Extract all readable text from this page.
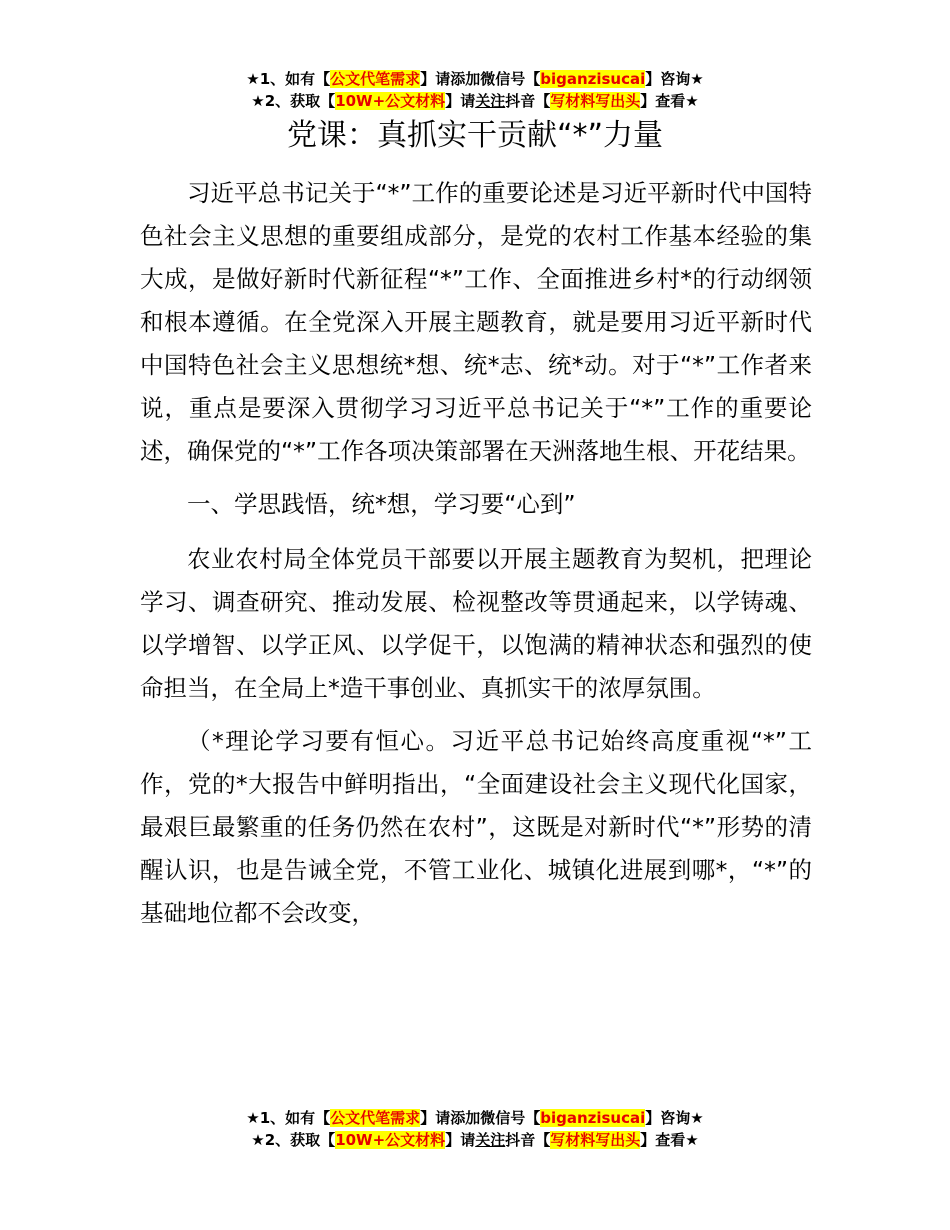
★1、如有【公文代笔需求】请添加微信号【biganzisucai】咨询★
★2、获取【10W+公文材料】请关注抖音【写材料写出头】查看★
党课：真抓实干贡献“*”力量

习近平总书记关于“*”工作的重要论述是习近平新时代中国特色社会主义思想的重要组成部分，是党的农村工作基本经验的集大成，是做好新时代新征程“*”工作、全面推进乡村*的行动纲领和根本遵循。在全党深入开展主题教育，就是要用习近平新时代中国特色社会主义思想统*想、统*志、统*动。对于“*”工作者来说，重点是要深入贯彻学习习近平总书记关于“*”工作的重要论述，确保党的“*”工作各项决策部署在天洲落地生根、开花结果。

一、学思践悟，统*想，学习要“心到”

农业农村局全体党员干部要以开展主题教育为契机，把理论学习、调查研究、推动发展、检视整改等贯通起来，以学铸魂、以学增智、以学正风、以学促干，以饱满的精神状态和强烈的使命担当，在全局上*造干事创业、真抓实干的浓厚氛围。

（*理论学习要有恒心。习近平总书记始终高度重视“*”工作，党的*大报告中鲜明指出，“全面建设社会主义现代化国家，最艰巨最繁重的任务仍然在农村”，这既是对新时代“*”形势的清醒认识，也是告诫全党，不管工业化、城镇化进展到哪*，“*”的基础地位都不会改变，

★1、如有【公文代笔需求】请添加微信号【biganzisucai】咨询★
★2、获取【10W+公文材料】请关注抖音【写材料写出头】查看★
